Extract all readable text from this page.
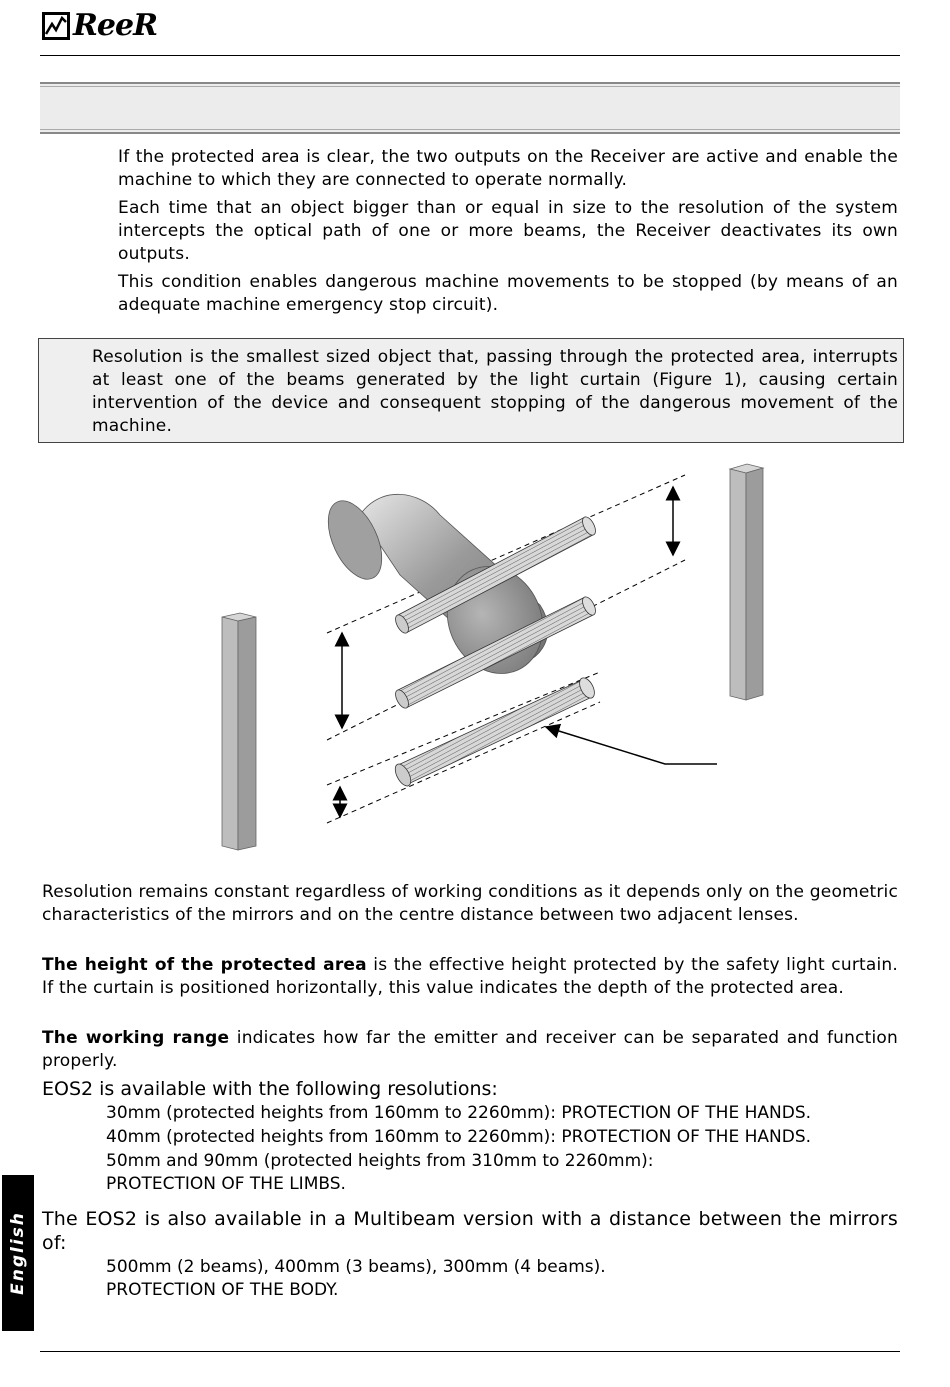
ReeR

If the protected area is clear, the two outputs on the Receiver are active and enable the machine to which they are connected to operate normally.

Each time that an object bigger than or equal in size to the resolution of the system intercepts the optical path of one or more beams, the Receiver deactivates its own outputs.

This condition enables dangerous machine movements to be stopped (by means of an adequate machine emergency stop circuit).

Resolution is the smallest sized object that, passing through the protected area, interrupts at least one of the beams generated by the light curtain (Figure 1), causing certain intervention of the device and consequent stopping of the dangerous movement of the machine.

Resolution remains constant regardless of working conditions as it depends only on the geometric characteristics of the mirrors and on the centre distance between two adjacent lenses.

The height of the protected area is the effective height protected by the safety light curtain. If the curtain is positioned horizontally, this value indicates the depth of the protected area.

The working range indicates how far the emitter and receiver can be separated and function properly.

EOS2 is available with the following resolutions:
30mm (protected heights from 160mm to 2260mm): PROTECTION OF THE HANDS.
40mm (protected heights from 160mm to 2260mm): PROTECTION OF THE HANDS.
50mm and 90mm (protected heights from 310mm to 2260mm):
PROTECTION OF THE LIMBS.

The EOS2 is also available in a Multibeam version with a distance between the mirrors of:

500mm (2 beams), 400mm (3 beams), 300mm (4 beams).
PROTECTION OF THE BODY.
English
